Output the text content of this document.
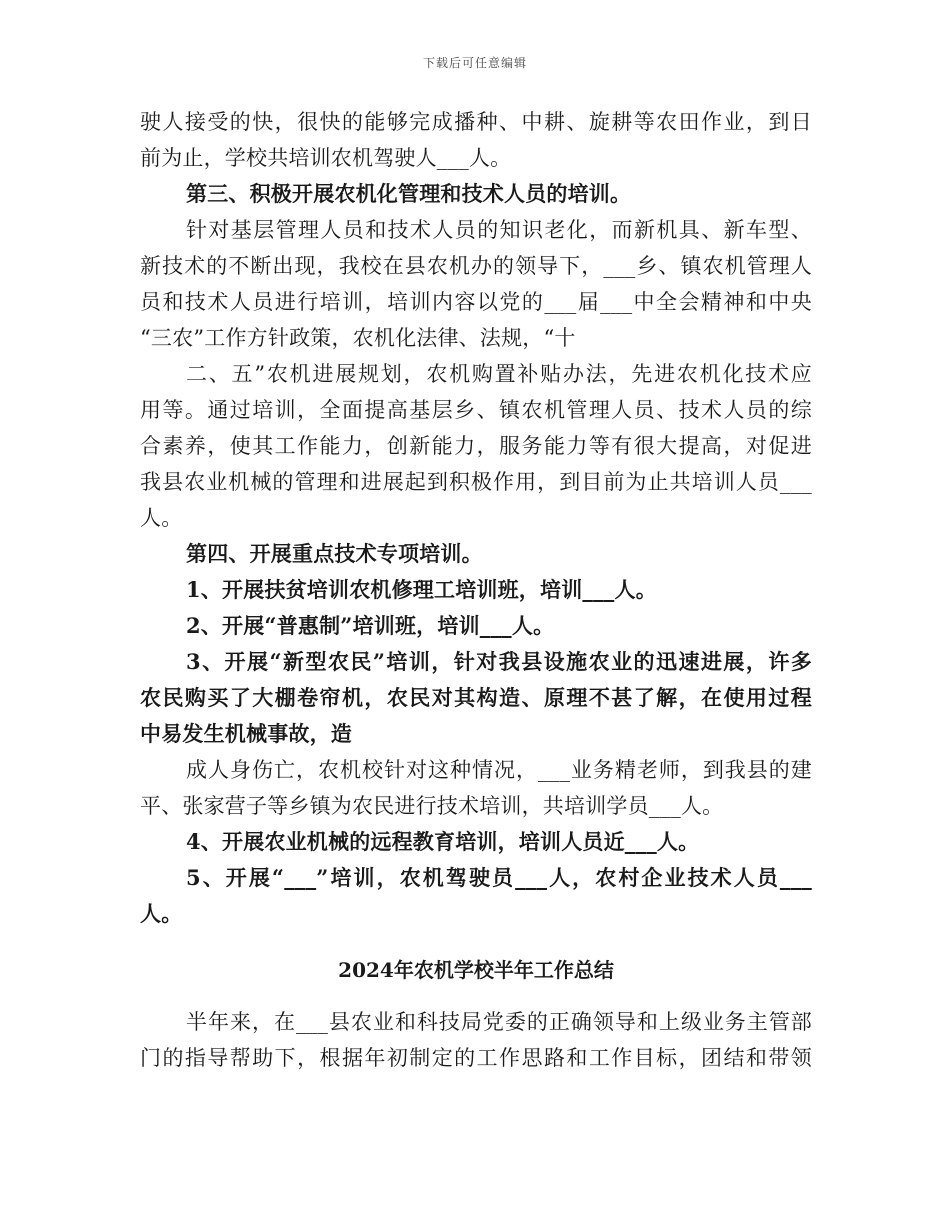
下载后可任意编辑
驶人接受的快，很快的能够完成播种、中耕、旋耕等农田作业，到日
前为止，学校共培训农机驾驶人___人。
第三、积极开展农机化管理和技术人员的培训。
针对基层管理人员和技术人员的知识老化，而新机具、新车型、
新技术的不断出现，我校在县农机办的领导下，___乡、镇农机管理人
员和技术人员进行培训，培训内容以党的___届___中全会精神和中央
“三农”工作方针政策，农机化法律、法规，“十
二、五”农机进展规划，农机购置补贴办法，先进农机化技术应
用等。通过培训，全面提高基层乡、镇农机管理人员、技术人员的综
合素养，使其工作能力，创新能力，服务能力等有很大提高，对促进
我县农业机械的管理和进展起到积极作用，到目前为止共培训人员___
人。
第四、开展重点技术专项培训。
1、开展扶贫培训农机修理工培训班，培训___人。
2、开展“普惠制”培训班，培训___人。
3、开展“新型农民”培训，针对我县设施农业的迅速进展，许多
农民购买了大棚卷帘机，农民对其构造、原理不甚了解，在使用过程
中易发生机械事故，造
成人身伤亡，农机校针对这种情况，___业务精老师，到我县的建
平、张家营子等乡镇为农民进行技术培训，共培训学员___人。
4、开展农业机械的远程教育培训，培训人员近___人。
5、开展“___”培训，农机驾驶员___人，农村企业技术人员___
人。
2024年农机学校半年工作总结
半年来，在___县农业和科技局党委的正确领导和上级业务主管部
门的指导帮助下，根据年初制定的工作思路和工作目标，团结和带领
